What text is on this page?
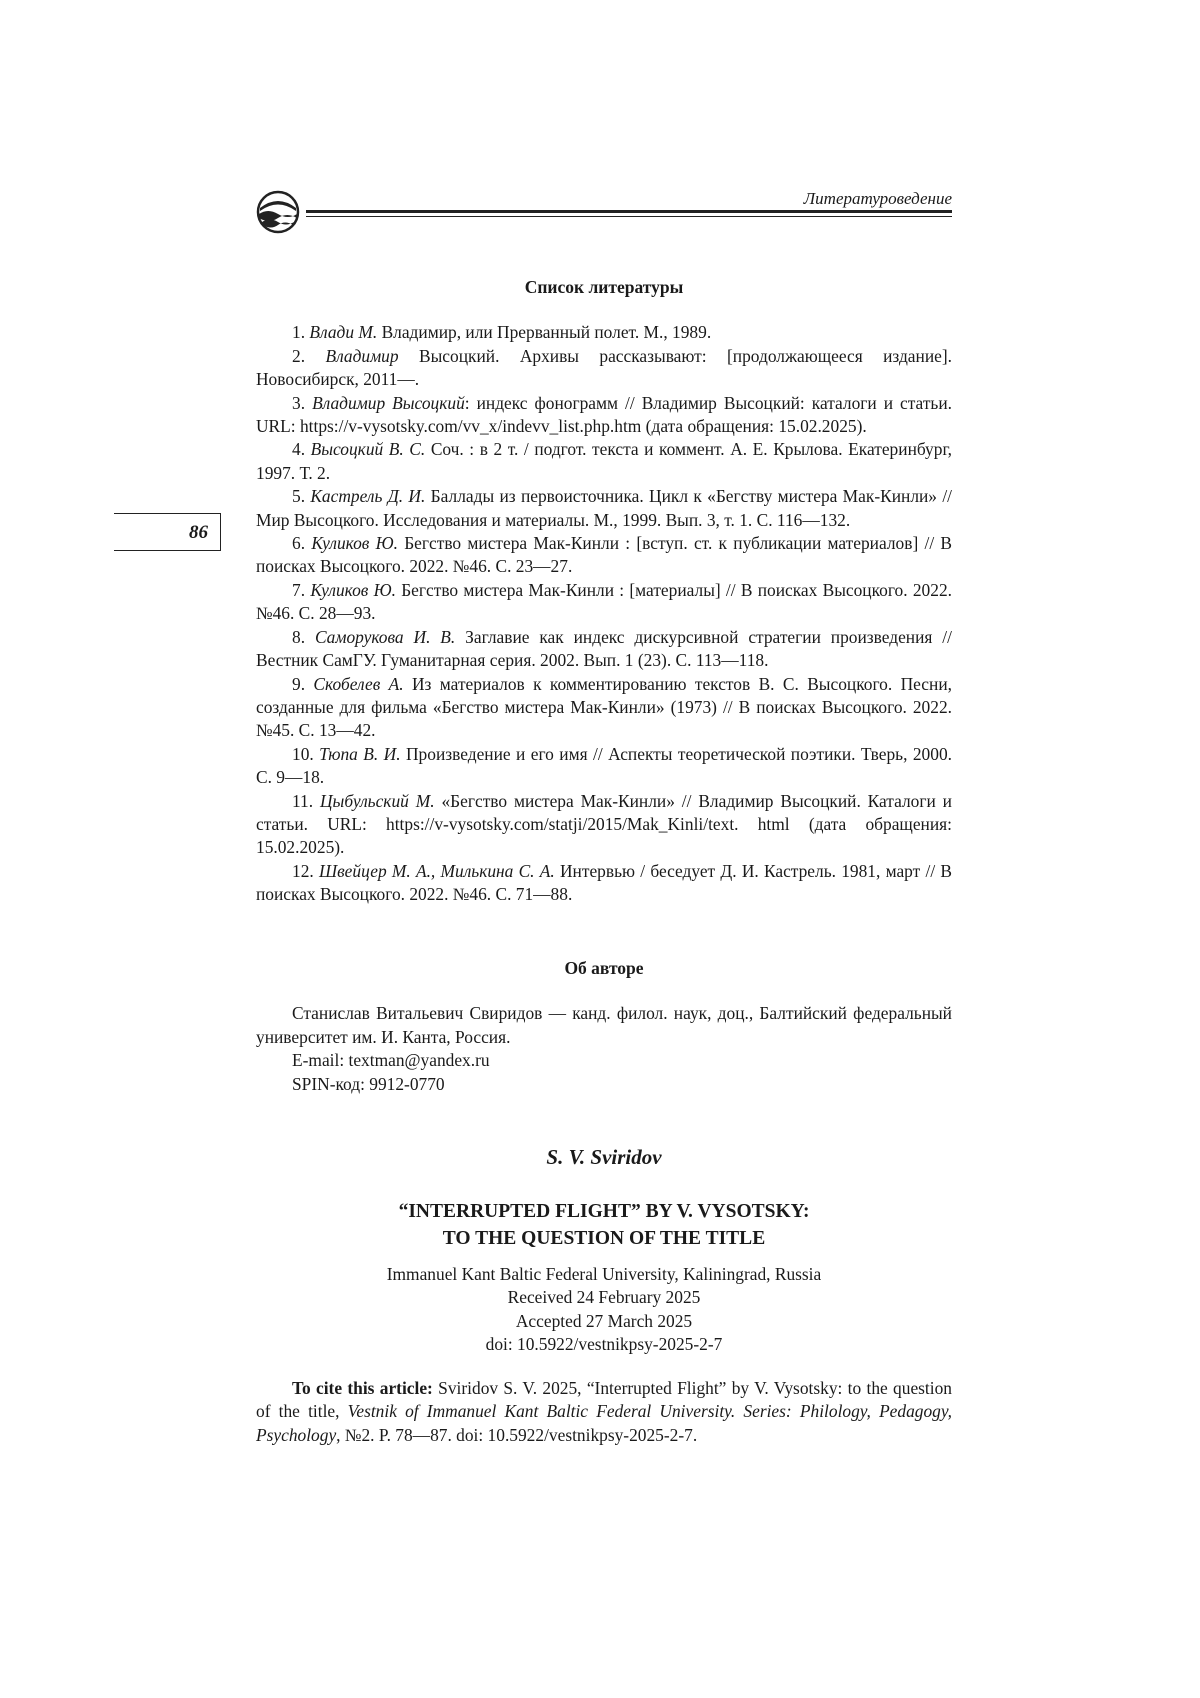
Литературоведение
86
Список литературы

1. Влади М. Владимир, или Прерванный полет. М., 1989.

2. Владимир Высоцкий. Архивы рассказывают: [продолжающееся издание]. Новосибирск, 2011—.

3. Владимир Высоцкий: индекс фонограмм // Владимир Высоцкий: каталоги и статьи. URL: https://v-vysotsky.com/vv_x/indevv_list.php.htm (дата обращения: 15.02.2025).

4. Высоцкий В. С. Соч. : в 2 т. / подгот. текста и коммент. А. Е. Крылова. Екатеринбург, 1997. Т. 2.

5. Кастрель Д. И. Баллады из первоисточника. Цикл к «Бегству мистера Мак-Кинли» // Мир Высоцкого. Исследования и материалы. М., 1999. Вып. 3, т. 1. С. 116—132.

6. Куликов Ю. Бегство мистера Мак-Кинли : [вступ. ст. к публикации материалов] // В поисках Высоцкого. 2022. №46. С. 23—27.

7. Куликов Ю. Бегство мистера Мак-Кинли : [материалы] // В поисках Высоцкого. 2022. №46. С. 28—93.

8. Саморукова И. В. Заглавие как индекс дискурсивной стратегии произведения // Вестник СамГУ. Гуманитарная серия. 2002. Вып. 1 (23). С. 113—118.

9. Скобелев А. Из материалов к комментированию текстов В. С. Высоцкого. Песни, созданные для фильма «Бегство мистера Мак-Кинли» (1973) // В поисках Высоцкого. 2022. №45. С. 13—42.

10. Тюпа В. И. Произведение и его имя // Аспекты теоретической поэтики. Тверь, 2000. С. 9—18.

11. Цыбульский М. «Бегство мистера Мак-Кинли» // Владимир Высоцкий. Каталоги и статьи. URL: https://v-vysotsky.com/statji/2015/Mak_Kinli/text. html (дата обращения: 15.02.2025).

12. Швейцер М. А., Милькина С. А. Интервью / беседует Д. И. Кастрель. 1981, март // В поисках Высоцкого. 2022. №46. С. 71—88.

Об авторе

Станислав Витальевич Свиридов — канд. филол. наук, доц., Балтийский федеральный университет им. И. Канта, Россия.

E-mail: textman@yandex.ru

SPIN-код: 9912-0770

S. V. Sviridov
“INTERRUPTED FLIGHT” BY V. VYSOTSKY:
TO THE QUESTION OF THE TITLE
Immanuel Kant Baltic Federal University, Kaliningrad, Russia
Received 24 February 2025
Accepted 27 March 2025
doi: 10.5922/vestnikpsy-2025-2-7

To cite this article: Sviridov S. V. 2025, “Interrupted Flight” by V. Vysotsky: to the question of the title, Vestnik of Immanuel Kant Baltic Federal University. Series: Philology, Pedagogy, Psychology, №2. P. 78—87. doi: 10.5922/vestnikpsy-2025-2-7.
